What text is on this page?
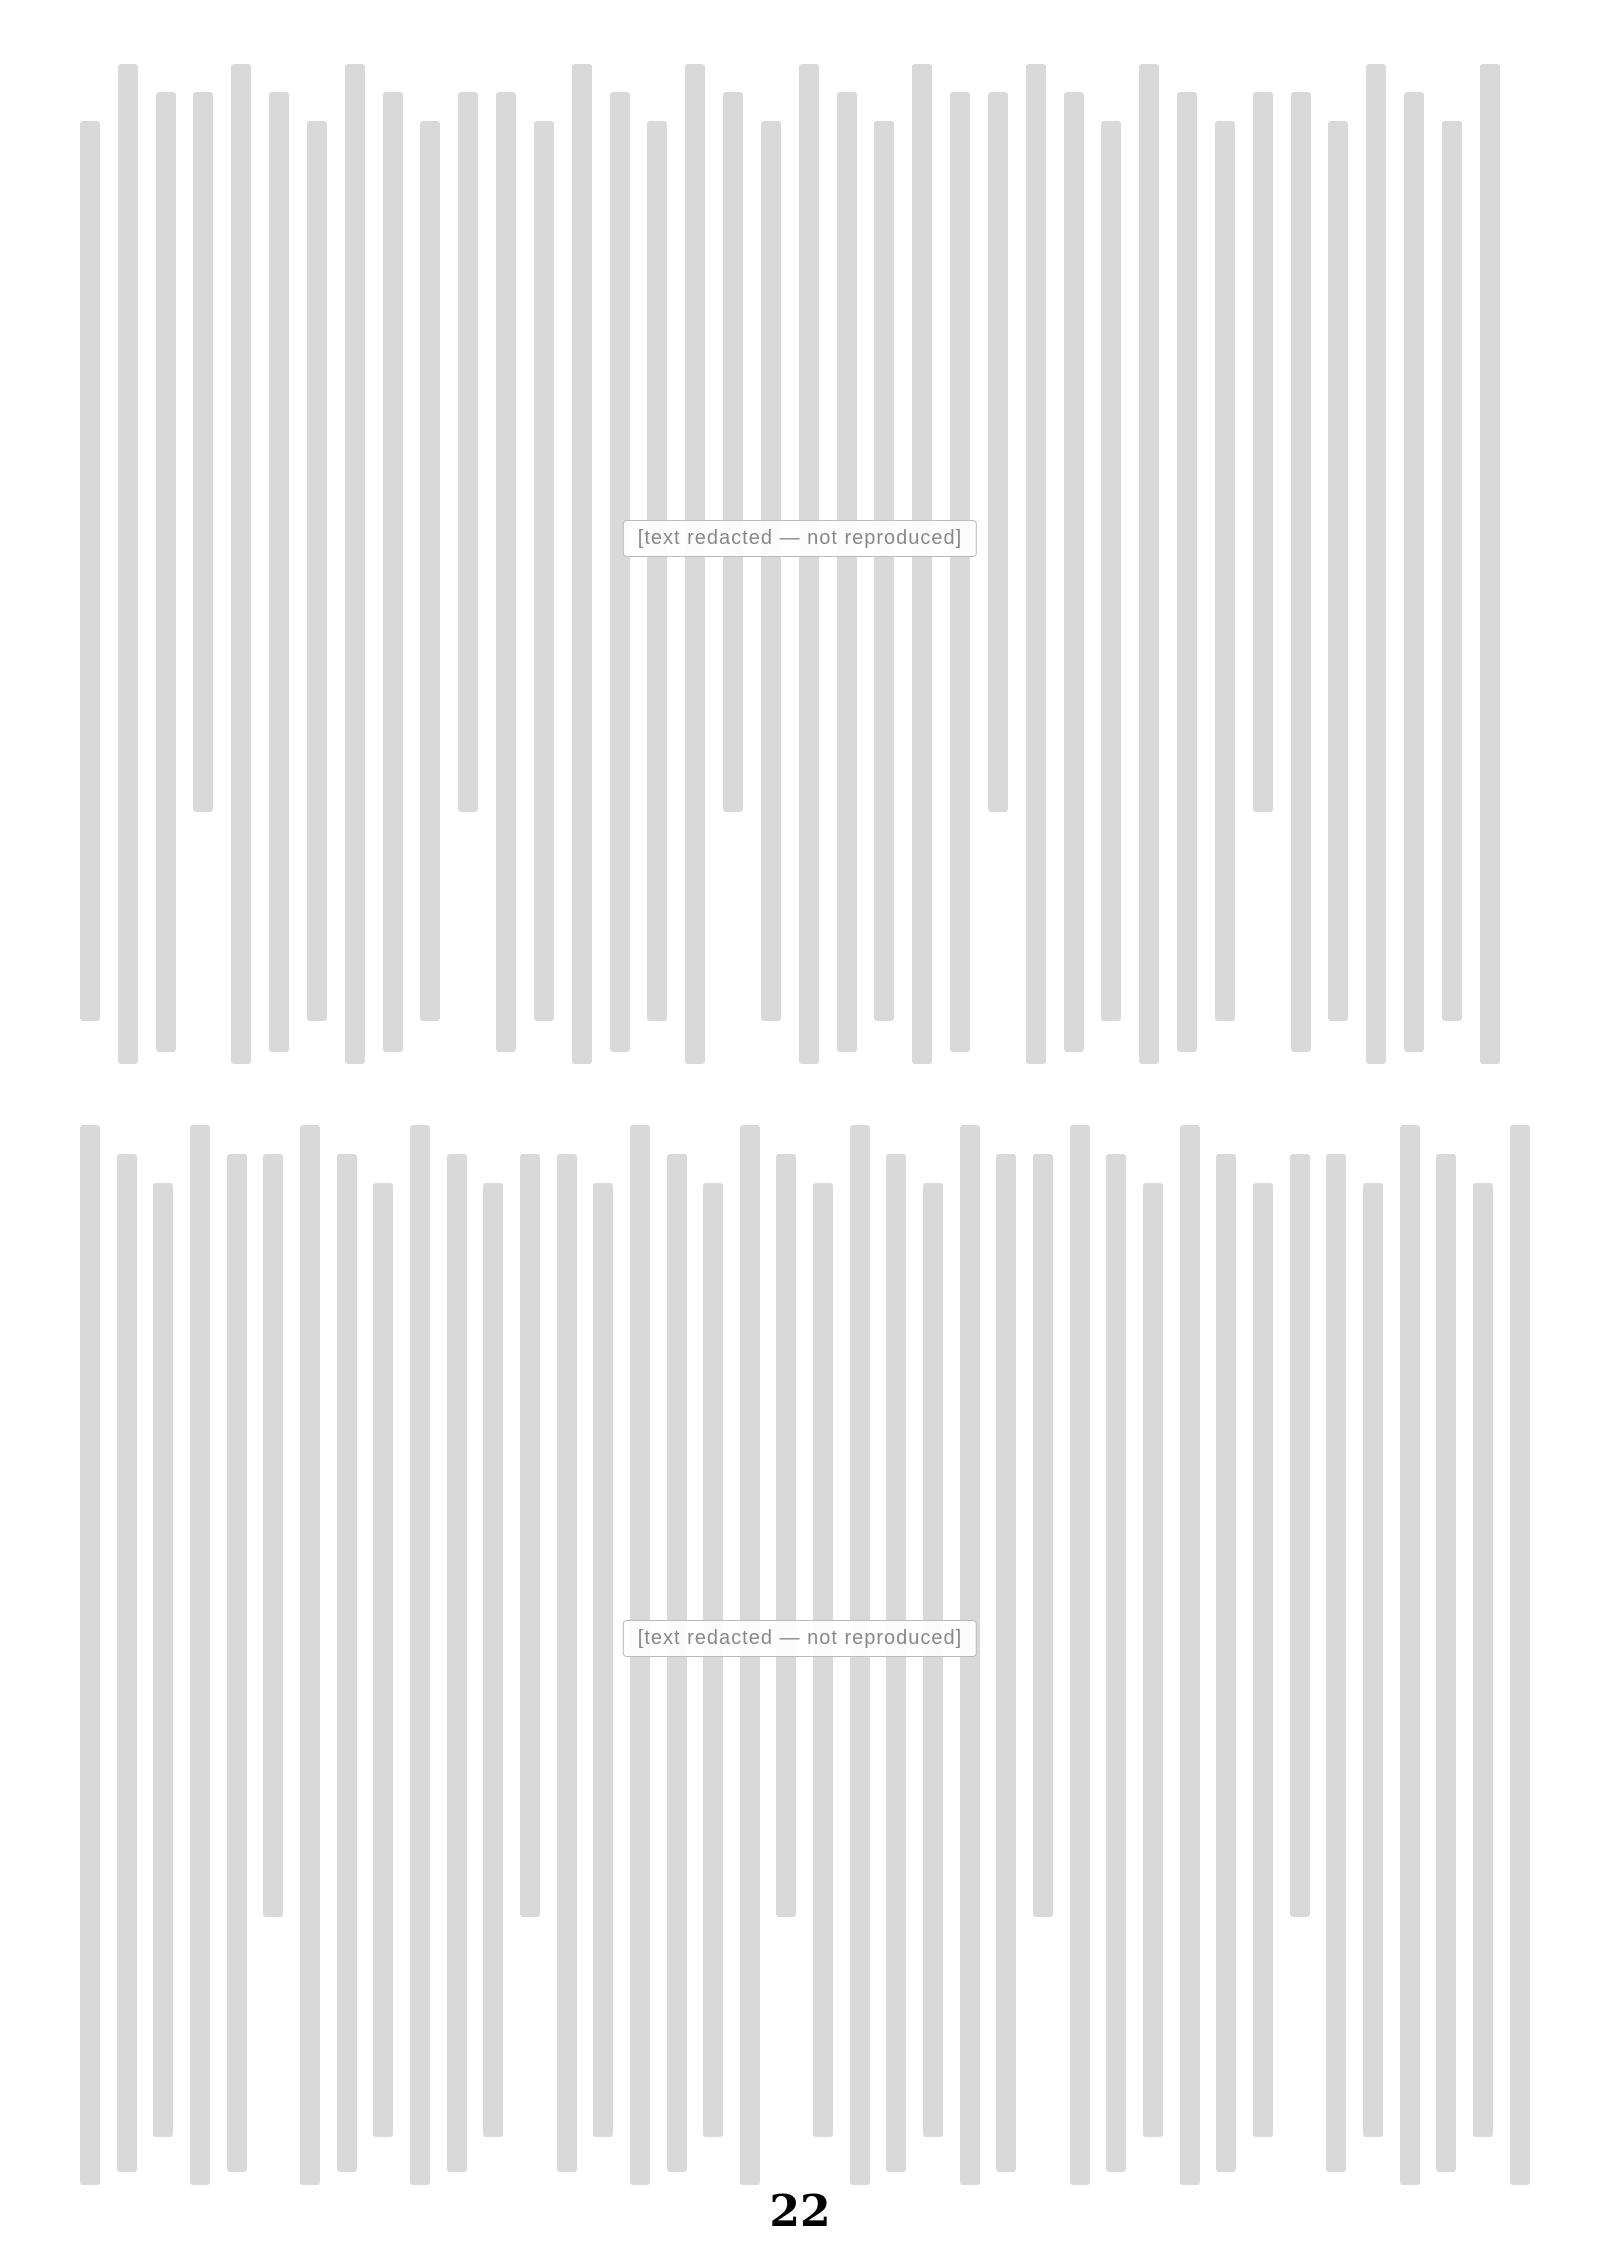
[text redacted — not reproduced]
[text redacted — not reproduced]
22
